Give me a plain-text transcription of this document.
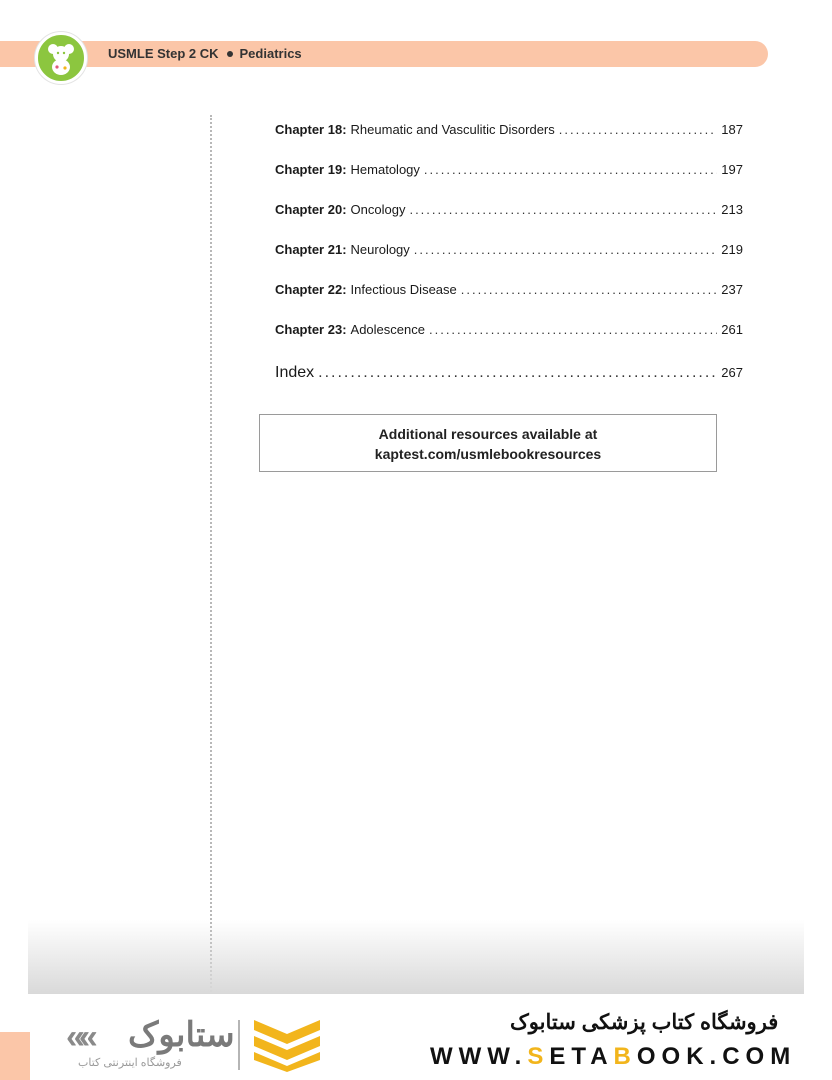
USMLE Step 2 CK Pediatrics
Chapter 18: Rheumatic and Vasculitic Disorders .....	187
Chapter 19: Hematology .....	197
Chapter 20: Oncology .....	213
Chapter 21: Neurology .....	219
Chapter 22: Infectious Disease .....	237
Chapter 23: Adolescence .....	261
Index .....	267
Additional resources available at
kaptest.com/usmlebookresources
«« ستابوک
فروشگاه اینترنتی کتاب
فروشگاه کتاب پزشکی ستابوک
WWW.SETABOOK.COM
